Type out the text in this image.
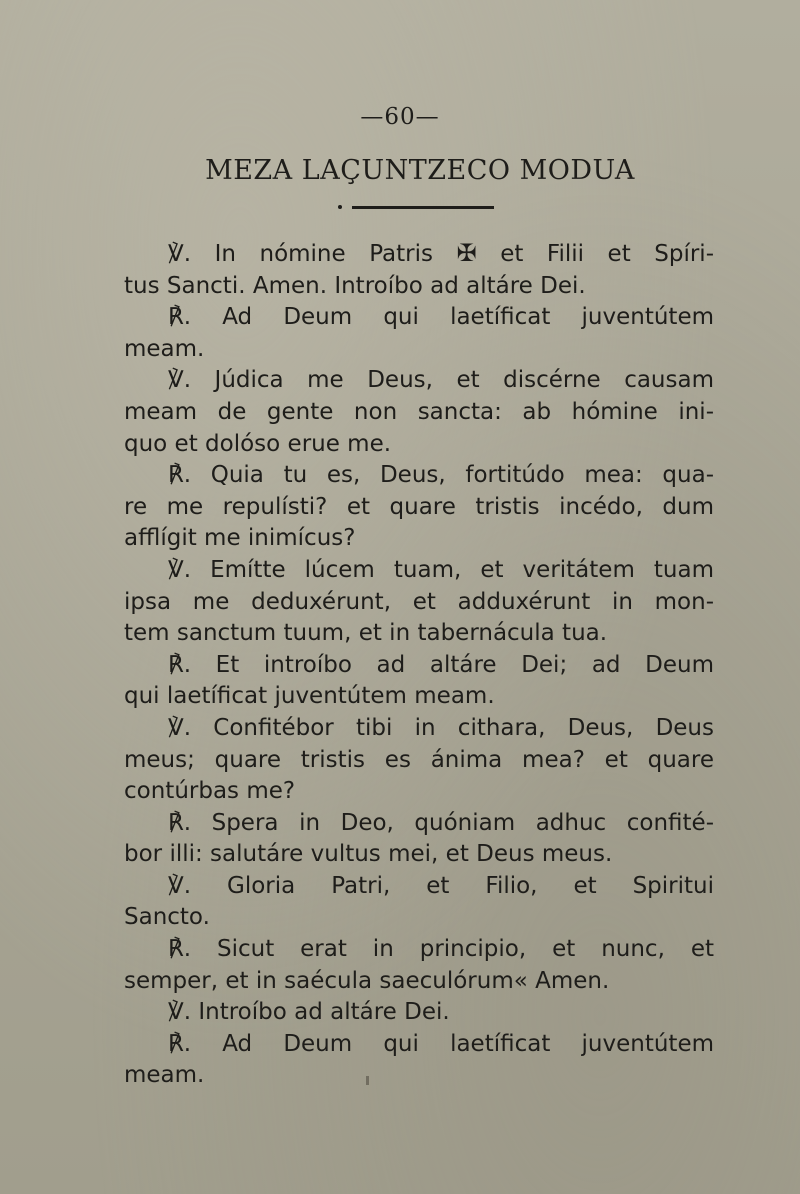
—60—
MEZA LAÇUNTZECO MODUA
℣. In nómine Patris ✠ et Filii et Spíri-
tus Sancti. Amen. Introíbo ad altáre Dei.
℟. Ad Deum qui laetíficat juventútem
meam.
℣. Júdica me Deus, et discérne causam
meam de gente non sancta: ab hómine ini-
quo et dolóso erue me.
℟. Quia tu es, Deus, fortitúdo mea: qua-
re me repulísti? et quare tristis incédo, dum
afflígit me inimícus?
℣. Emítte lúcem tuam, et veritátem tuam
ipsa me deduxérunt, et adduxérunt in mon-
tem sanctum tuum, et in tabernácula tua.
℟. Et introíbo ad altáre Dei; ad Deum
qui laetíficat juventútem meam.
℣. Confitébor tibi in cithara, Deus, Deus
meus; quare tristis es ánima mea? et quare
contúrbas me?
℟. Spera in Deo, quóniam adhuc confité-
bor illi: salutáre vultus mei, et Deus meus.
℣. Gloria Patri, et Filio, et Spiritui
Sancto.
℟. Sicut erat in principio, et nunc, et
semper, et in saécula saeculórum« Amen.
℣. Introíbo ad altáre Dei.
℟. Ad Deum qui laetíficat juventútem
meam.
